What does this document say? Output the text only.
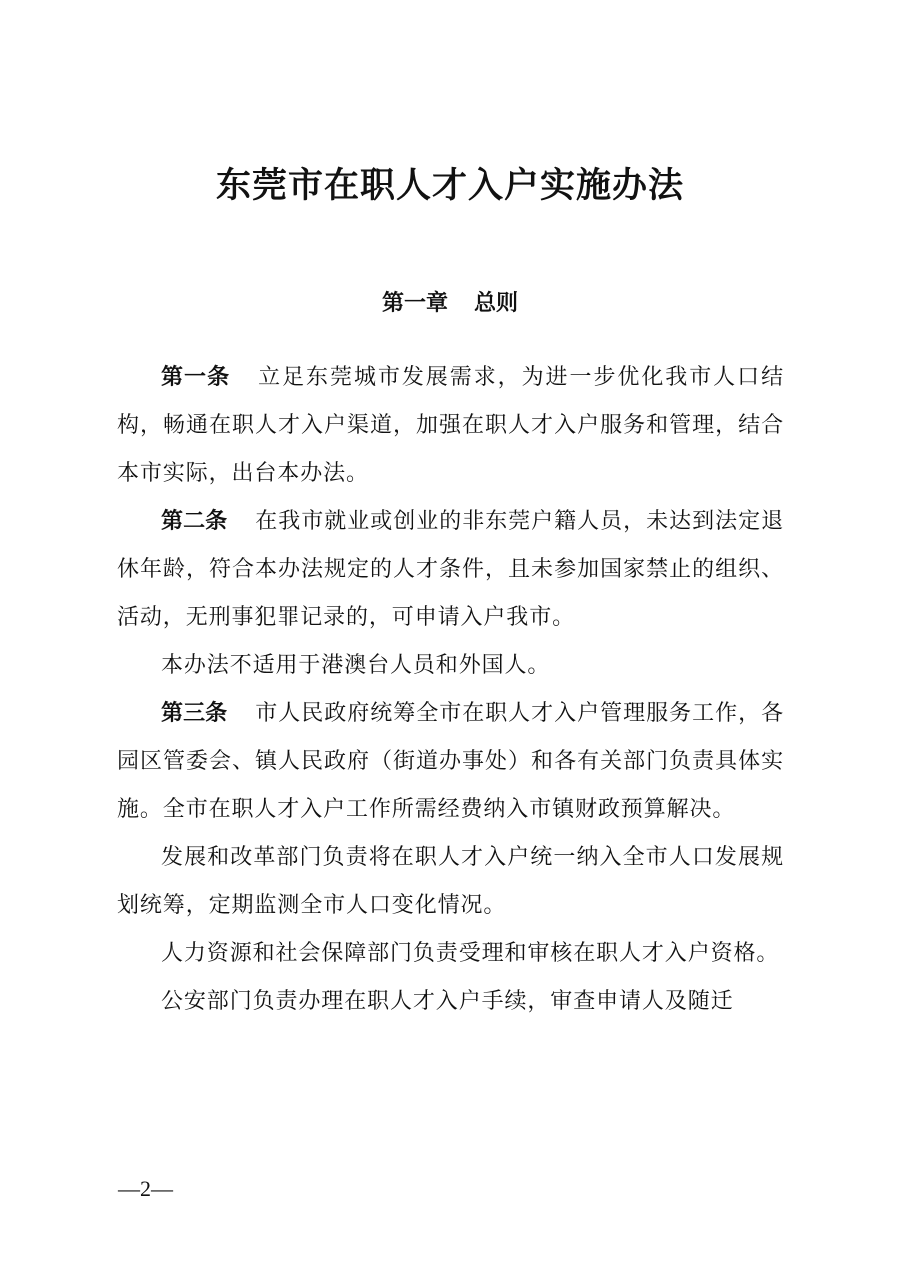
东莞市在职人才入户实施办法
第一章 总则

第一条 立足东莞城市发展需求，为进一步优化我市人口结构，畅通在职人才入户渠道，加强在职人才入户服务和管理，结合本市实际，出台本办法。

第二条 在我市就业或创业的非东莞户籍人员，未达到法定退休年龄，符合本办法规定的人才条件，且未参加国家禁止的组织、活动，无刑事犯罪记录的，可申请入户我市。

本办法不适用于港澳台人员和外国人。

第三条 市人民政府统筹全市在职人才入户管理服务工作，各园区管委会、镇人民政府（街道办事处）和各有关部门负责具体实施。全市在职人才入户工作所需经费纳入市镇财政预算解决。

发展和改革部门负责将在职人才入户统一纳入全市人口发展规划统筹，定期监测全市人口变化情况。

人力资源和社会保障部门负责受理和审核在职人才入户资格。

公安部门负责办理在职人才入户手续，审查申请人及随迁

—2—
